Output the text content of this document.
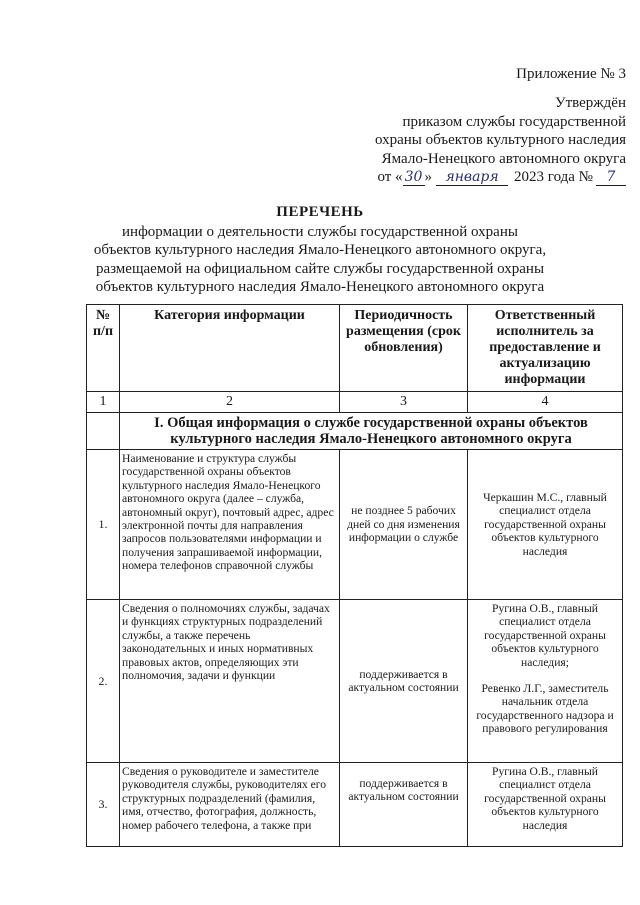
Приложение № 3
Утверждён
приказом службы государственной
охраны объектов культурного наследия
Ямало-Ненецкого автономного округа
от « 30 » января	2023 года № 7
ПЕРЕЧЕНЬ
информации о деятельности службы государственной охраны
объектов культурного наследия Ямало-Ненецкого автономного округа,
размещаемой на официальном сайте службы государственной охраны
объектов культурного наследия Ямало-Ненецкого автономного округа
№ п/п	Категория информации	Периодичность размещения (срок обновления)	Ответственный исполнитель за предоставление и актуализацию информации
1	2	3	4
	I. Общая информация о службе государственной охраны объектов культурного наследия Ямало-Ненецкого автономного округа		
1.	Наименование и структура службы государственной охраны объектов культурного наследия Ямало-Ненецкого автономного округа (далее – служба, автономный округ), почтовый адрес, адрес электронной почты для направления запросов пользователями информации и получения запрашиваемой информации, номера телефонов справочной службы	не позднее 5 рабочих дней со дня изменения информации о службе	Черкашин М.С., главный специалист отдела государственной охраны объектов культурного наследия
2.	Сведения о полномочиях службы, задачах и функциях структурных подразделений службы, а также перечень законодательных и иных нормативных правовых актов, определяющих эти полномочия, задачи и функции	поддерживается в актуальном состоянии	Ругина О.В., главный специалист отдела государственной охраны объектов культурного наследия;
Ревенко Л.Г., заместитель начальник отдела государственного надзора и правового регулирования

3.	Сведения о руководителе и заместителе руководителя службы, руководителях его структурных подразделений (фамилия, имя, отчество, фотография, должность, номер рабочего телефона, а также при	поддерживается в актуальном состоянии	Ругина О.В., главный специалист отдела государственной охраны объектов культурного наследия
